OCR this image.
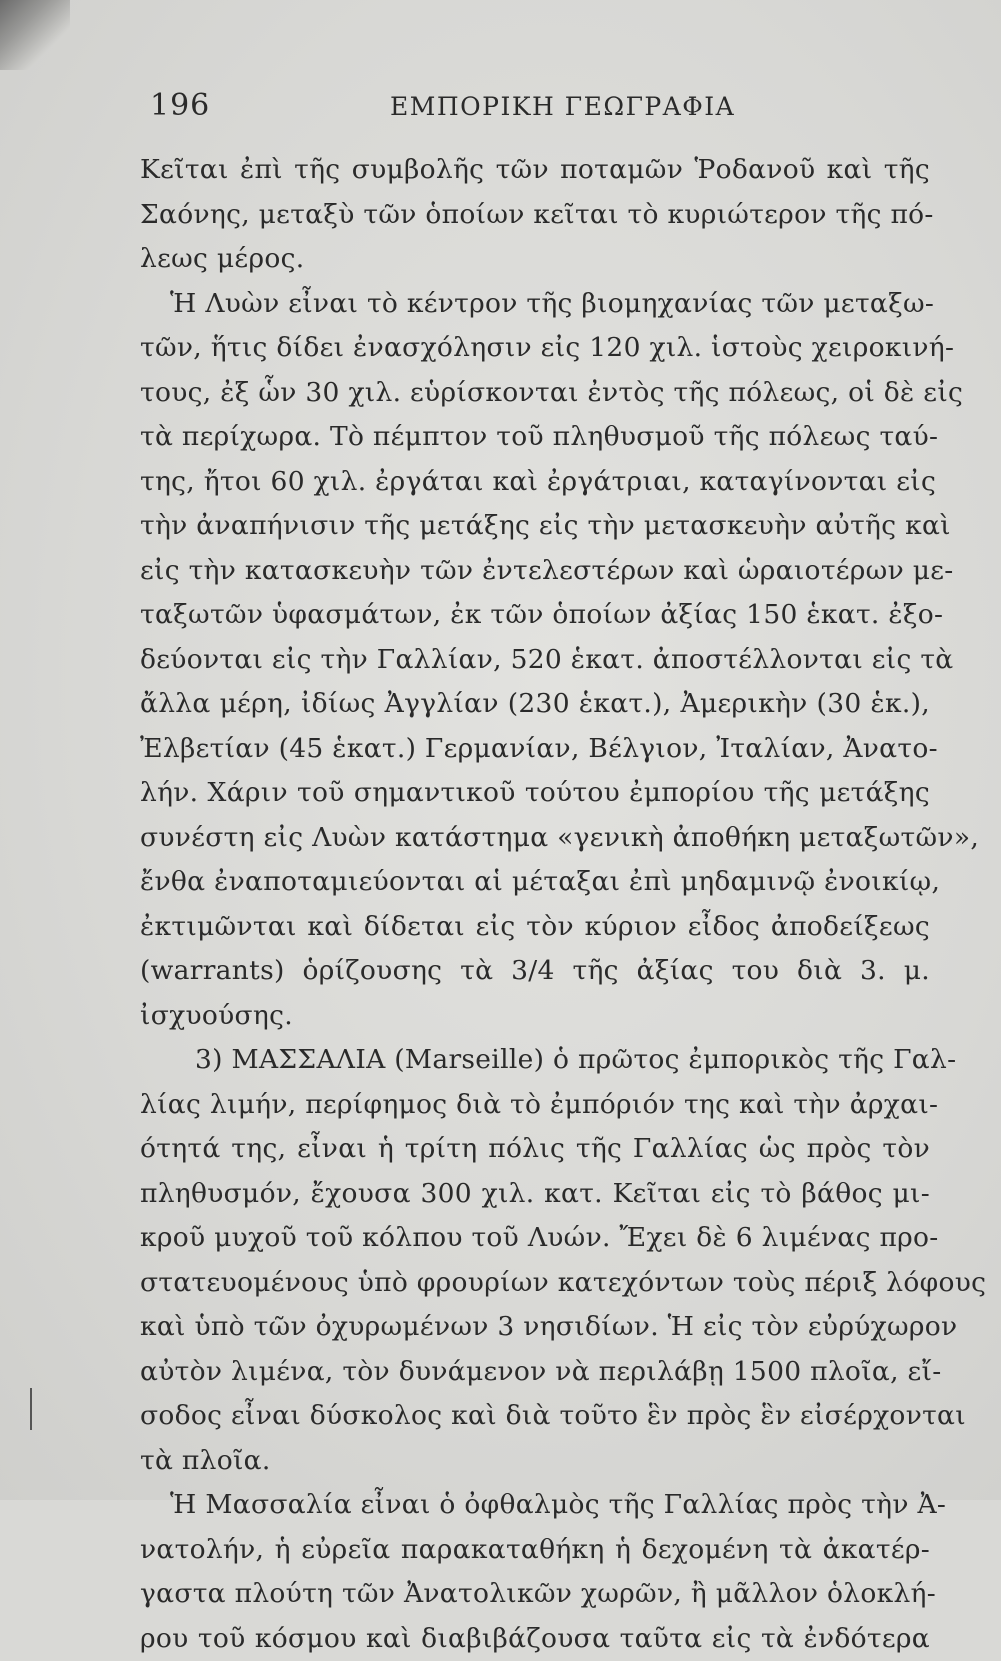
196	ΕΜΠΟΡΙΚΗ ΓΕΩΓΡΑΦΙΑ
Κεῖται ἐπὶ τῆς συμβολῆς τῶν ποταμῶν Ῥοδανοῦ καὶ τῆς
Σαόνης, μεταξὺ τῶν ὁποίων κεῖται τὸ κυριώτερον τῆς πό-
λεως μέρος.
Ἡ Λυὼν εἶναι τὸ κέντρον τῆς βιομηχανίας τῶν μεταξω-
τῶν, ἥτις δίδει ἐνασχόλησιν εἰς 120 χιλ. ἱστοὺς χειροκινή-
τους, ἐξ ὧν 30 χιλ. εὑρίσκονται ἐντὸς τῆς πόλεως, οἱ δὲ εἰς
τὰ περίχωρα. Τὸ πέμπτον τοῦ πληθυσμοῦ τῆς πόλεως ταύ-
της, ἤτοι 60 χιλ. ἐργάται καὶ ἐργάτριαι, καταγίνονται εἰς
τὴν ἀναπήνισιν τῆς μετάξης εἰς τὴν μετασκευὴν αὐτῆς καὶ
εἰς τὴν κατασκευὴν τῶν ἐντελεστέρων καὶ ὡραιοτέρων με-
ταξωτῶν ὑφασμάτων, ἐκ τῶν ὁποίων ἀξίας 150 ἑκατ. ἐξο-
δεύονται εἰς τὴν Γαλλίαν, 520 ἑκατ. ἀποστέλλονται εἰς τὰ
ἄλλα μέρη, ἰδίως Ἀγγλίαν (230 ἑκατ.), Ἀμερικὴν (30 ἑκ.),
Ἐλβετίαν (45 ἑκατ.) Γερμανίαν, Βέλγιον, Ἰταλίαν, Ἀνατο-
λήν. Χάριν τοῦ σημαντικοῦ τούτου ἐμπορίου τῆς μετάξης
συνέστη εἰς Λυὼν κατάστημα «γενικὴ ἀποθήκη μεταξωτῶν»,
ἔνθα ἐναποταμιεύονται αἱ μέταξαι ἐπὶ μηδαμινῷ ἐνοικίῳ,
ἐκτιμῶνται καὶ δίδεται εἰς τὸν κύριον εἶδος ἀποδείξεως
(warrants) ὁρίζουσης τὰ 3/4 τῆς ἀξίας του διὰ 3. μ.
ἰσχυούσης.
3) ΜΑΣΣΑΛΙΑ (Marseille) ὁ πρῶτος ἐμπορικὸς τῆς Γαλ-
λίας λιμήν, περίφημος διὰ τὸ ἐμπόριόν της καὶ τὴν ἀρχαι-
ότητά της, εἶναι ἡ τρίτη πόλις τῆς Γαλλίας ὡς πρὸς τὸν
πληθυσμόν, ἔχουσα 300 χιλ. κατ. Κεῖται εἰς τὸ βάθος μι-
κροῦ μυχοῦ τοῦ κόλπου τοῦ Λυών. Ἔχει δὲ 6 λιμένας προ-
στατευομένους ὑπὸ φρουρίων κατεχόντων τοὺς πέριξ λόφους
καὶ ὑπὸ τῶν ὀχυρωμένων 3 νησιδίων. Ἡ εἰς τὸν εὐρύχωρον
αὐτὸν λιμένα, τὸν δυνάμενον νὰ περιλάβῃ 1500 πλοῖα, εἴ-
σοδος εἶναι δύσκολος καὶ διὰ τοῦτο ἓν πρὸς ἓν εἰσέρχονται
τὰ πλοῖα.
Ἡ Μασσαλία εἶναι ὁ ὀφθαλμὸς τῆς Γαλλίας πρὸς τὴν Ἀ-
νατολήν, ἡ εὐρεῖα παρακαταθήκη ἡ δεχομένη τὰ ἀκατέρ-
γαστα πλούτη τῶν Ἀνατολικῶν χωρῶν, ἢ μᾶλλον ὁλοκλή-
ρου τοῦ κόσμου καὶ διαβιβάζουσα ταῦτα εἰς τὰ ἐνδότερα
